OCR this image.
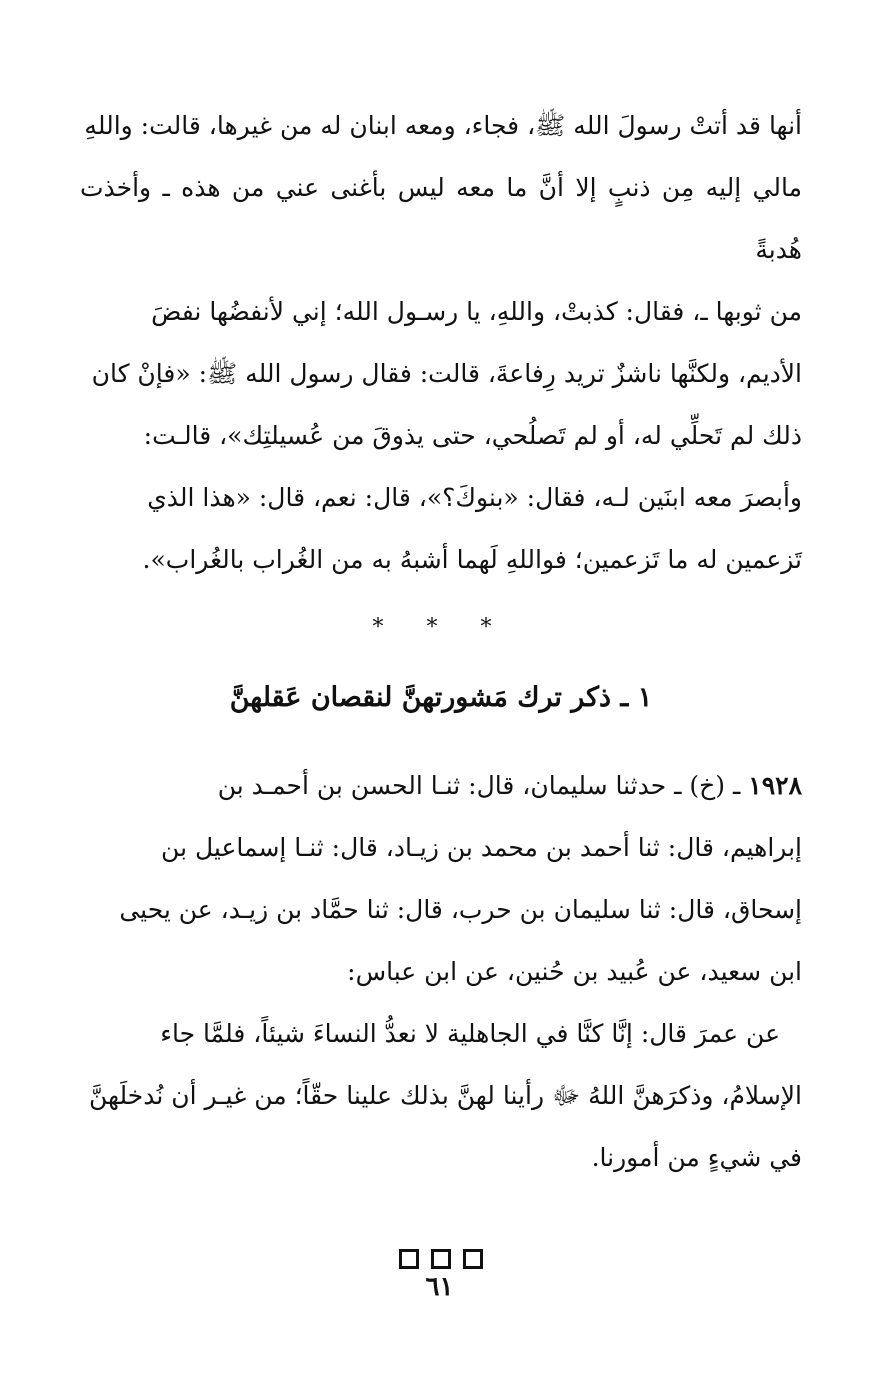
أنها قد أتتْ رسولَ الله ﷺ، فجاء، ومعه ابنان له من غيرها، قالت: واللهِ

مالي إليه مِن ذنبٍ إلا أنَّ ما معه ليس بأغنى عني من هذه ـ وأخذت هُدبةً

من ثوبها ـ، فقال: كذبتْ، واللهِ، يا رسـول الله؛ إني لأنفضُها نفضَ

الأديم، ولكنَّها ناشزٌ تريد رِفاعةَ، قالت: فقال رسول الله ﷺ: «فإنْ كان

ذلك لم تَحلِّي له، أو لم تَصلُحي، حتى يذوقَ من عُسيلتِك»، قالـت:

وأبصرَ معه ابنَين لـه، فقال: «بنوكَ؟»، قال: نعم، قال: «هذا الذي

تَزعمين له ما تَزعمين؛ فواللهِ لَهما أشبهُ به من الغُراب بالغُراب».

* * *
١ ـ ذكر ترك مَشورتهنَّ لنقصان عَقلهنَّ

١٩٢٨ ـ (خ) ـ حدثنا سليمان، قال: ثنـا الحسن بن أحمـد بن

إبراهيم، قال: ثنا أحمد بن محمد بن زيـاد، قال: ثنـا إسماعيل بن

إسحاق، قال: ثنا سليمان بن حرب، قال: ثنا حمَّاد بن زيـد، عن يحيى

ابن سعيد، عن عُبيد بن حُنين، عن ابن عباس:

عن عمرَ قال: إنَّا كنَّا في الجاهلية لا نعدُّ النساءَ شيئاً، فلمَّا جاء

الإسلامُ، وذكرَهنَّ اللهُ ﷻ رأينا لهنَّ بذلك علينا حقّاً؛ من غيـر أن نُدخلَهنَّ

في شيءٍ من أمورنا.

٦١
